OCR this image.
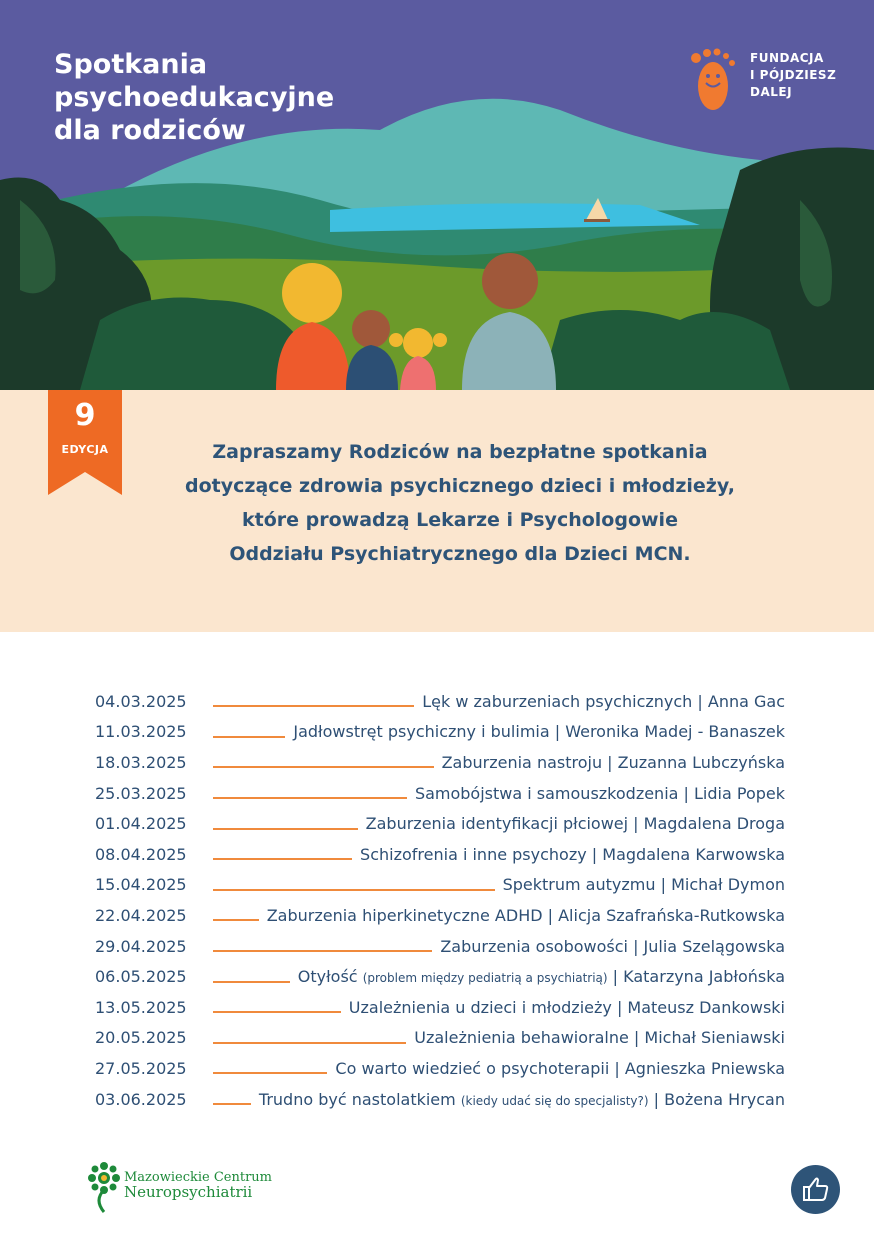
Spotkania
psychoedukacyjne
dla rodziców
FUNDACJA
I PÓJDZIESZ
DALEJ
9
EDYCJA	Zapraszamy Rodziców na bezpłatne spotkania
dotyczące zdrowia psychicznego dzieci i młodzieży,
które prowadzą Lekarze i Psychologowie
Oddziału Psychiatrycznego dla Dzieci MCN.
04.03.2025	Lęk w zaburzeniach psychicznych | Anna Gac
11.03.2025	Jadłowstręt psychiczny i bulimia | Weronika Madej - Banaszek
18.03.2025	Zaburzenia nastroju | Zuzanna Lubczyńska
25.03.2025	Samobójstwa i samouszkodzenia | Lidia Popek
01.04.2025	Zaburzenia identyfikacji płciowej | Magdalena Droga
08.04.2025	Schizofrenia i inne psychozy | Magdalena Karwowska
15.04.2025	Spektrum autyzmu | Michał Dymon
22.04.2025	Zaburzenia hiperkinetyczne ADHD | Alicja Szafrańska-Rutkowska
29.04.2025	Zaburzenia osobowości | Julia Szelągowska
06.05.2025	Otyłość (problem między pediatrią a psychiatrią) | Katarzyna Jabłońska
13.05.2025	Uzależnienia u dzieci i młodzieży | Mateusz Dankowski
20.05.2025	Uzależnienia behawioralne | Michał Sieniawski
27.05.2025	Co warto wiedzieć o psychoterapii | Agnieszka Pniewska
03.06.2025	Trudno być nastolatkiem (kiedy udać się do specjalisty?) | Bożena Hrycan
Mazowieckie Centrum
Neuropsychiatrii
